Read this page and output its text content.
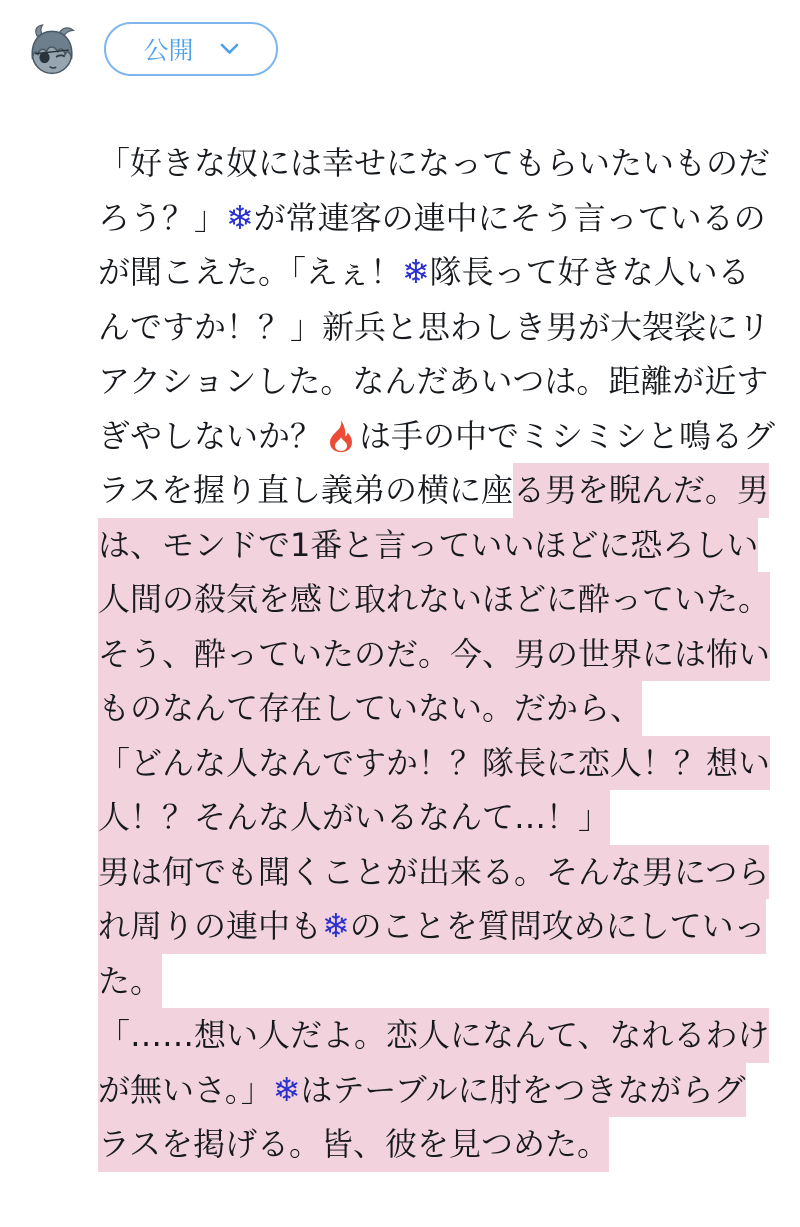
公開
「好きな奴には幸せになってもらいたいものだ
ろう？」❄が常連客の連中にそう言っているの
が聞こえた。「えぇ！❄隊長って好きな人いる
んですか！？」新兵と思わしき男が大袈裟にリ
アクションした。なんだあいつは。距離が近す
ぎやしないか？ は手の中でミシミシと鳴るグ
ラスを握り直し義弟の横に座る男を睨んだ。男
は、モンドで1番と言っていいほどに恐ろしい
人間の殺気を感じ取れないほどに酔っていた。
そう、酔っていたのだ。今、男の世界には怖い
ものなんて存在していない。だから、
「どんな人なんですか！？隊長に恋人！？想い
人！？そんな人がいるなんて…！」
男は何でも聞くことが出来る。そんな男につら
れ周りの連中も❄のことを質問攻めにしていっ
た。
「……想い人だよ。恋人になんて、なれるわけ
が無いさ。」❄はテーブルに肘をつきながらグ
ラスを掲げる。皆、彼を見つめた。
